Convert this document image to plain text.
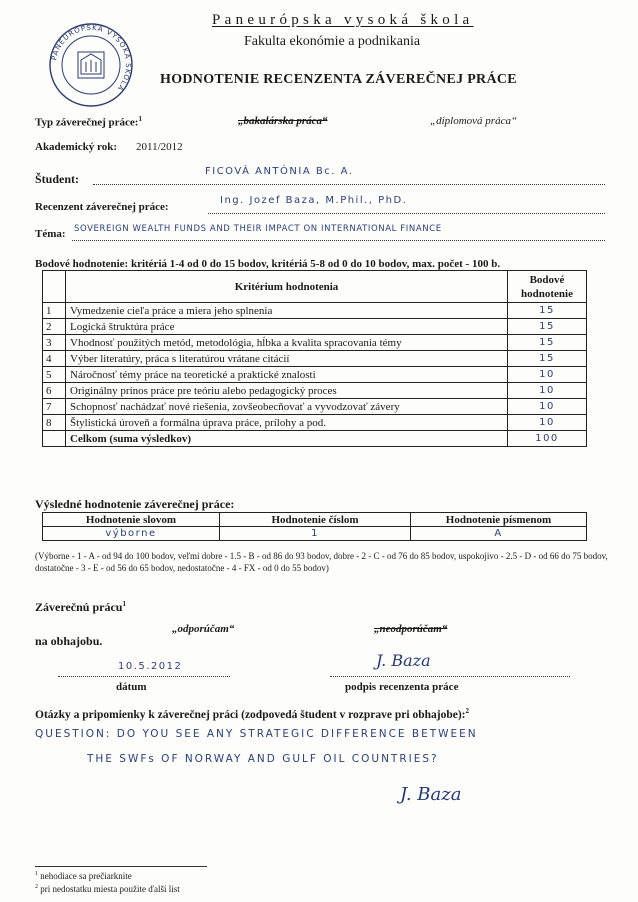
PANEURÓPSKA VYSOKÁ ŠKOLA
Paneurópska vysoká škola
Fakulta ekonómie a podnikania
HODNOTENIE RECENZENTA ZÁVEREČNEJ PRÁCE
Typ záverečnej práce:$^1$	„bakalárska práca“	„diplomová práca“
Akademický rok: 2011/2012
Študent:
FICOVÁ ANTÓNIA Bc. A.
Recenzent záverečnej práce:
Ing. Jozef Baza, M.Phil., PhD.
Téma: SOVEREIGN WEALTH FUNDS AND THEIR IMPACT ON INTERNATIONAL FINANCE
Bodové hodnotenie: kritériá 1-4 od 0 do 15 bodov, kritériá 5-8 od 0 do 10 bodov, max. počet - 100 b.
	Kritérium hodnotenia	Bodové hodnotenie
1	Vymedzenie cieľa práce a miera jeho splnenia	15
2	Logická štruktúra práce	15
3	Vhodnosť použitých metód, metodológia, hĺbka a kvalita spracovania témy	15
4	Výber literatúry, práca s literatúrou vrátane citácií	15
5	Náročnosť témy práce na teoretické a praktické znalosti	10
6	Originálny prínos práce pre teóriu alebo pedagogický proces	10
7	Schopnosť nachádzať nové riešenia, zovšeobecňovať a vyvodzovať závery	10
8	Štylistická úroveň a formálna úprava práce, prílohy a pod.	10
	Celkom (suma výsledkov)	100
Výsledné hodnotenie záverečnej práce:
Hodnotenie slovom	Hodnotenie číslom	Hodnotenie písmenom
výborne	1	A
(Výborne - 1 - A - od 94 do 100 bodov, veľmi dobre - 1.5 - B - od 86 do 93 bodov, dobre - 2 - C - od 76 do 85 bodov, uspokojivo - 2.5 - D - od 66 do 75 bodov, dostatočne - 3 - E - od 56 do 65 bodov, nedostatočne - 4 - FX - od 0 do 55 bodov)
Záverečnú prácu$^1$
„odporúčam“	„neodporúčam“
na obhajobu.
10.5.2012
dátum
J. Baza
podpis recenzenta práce
Otázky a pripomienky k záverečnej práci (zodpovedá študent v rozprave pri obhajobe):$^2$
QUESTION: DO YOU SEE ANY STRATEGIC DIFFERENCE BETWEEN
THE SWFs OF NORWAY AND GULF OIL COUNTRIES?
J. Baza
$^1$ nehodiace sa prečiarknite
$^2$ pri nedostatku miesta použite ďalší list
